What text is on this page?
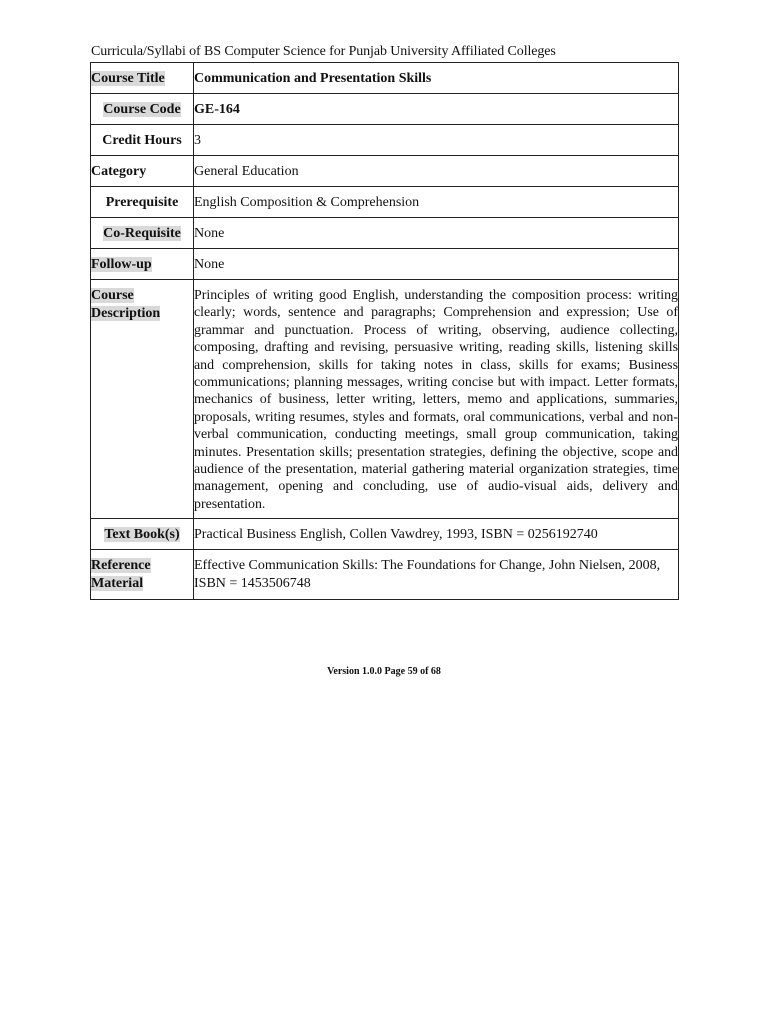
Curricula/Syllabi of BS Computer Science for Punjab University Affiliated Colleges
Course Title	Communication and Presentation Skills

Course Code	GE-164

Credit Hours	3

Category	General Education

Prerequisite	English Composition & Comprehension

Co-Requisite	None

Follow-up	None

Course
Description	Principles of writing good English, understanding the composition process: writing clearly; words, sentence and paragraphs; Comprehension and expression; Use of grammar and punctuation. Process of writing, observing, audience collecting, composing, drafting and revising, persuasive writing, reading skills, listening skills and comprehension, skills for taking notes in class, skills for exams; Business communications; planning messages, writing concise but with impact. Letter formats, mechanics of business, letter writing, letters, memo and applications, summaries, proposals, writing resumes, styles and formats, oral communications, verbal and non-verbal communication, conducting meetings, small group communication, taking minutes. Presentation skills; presentation strategies, defining the objective, scope and audience of the presentation, material gathering material organization strategies, time management, opening and concluding, use of audio-visual aids, delivery and presentation.

Text Book(s)	Practical Business English, Collen Vawdrey, 1993, ISBN = 0256192740

Reference
Material	Effective Communication Skills: The Foundations for Change, John Nielsen, 2008, ISBN = 1453506748
Version 1.0.0 Page 59 of 68
